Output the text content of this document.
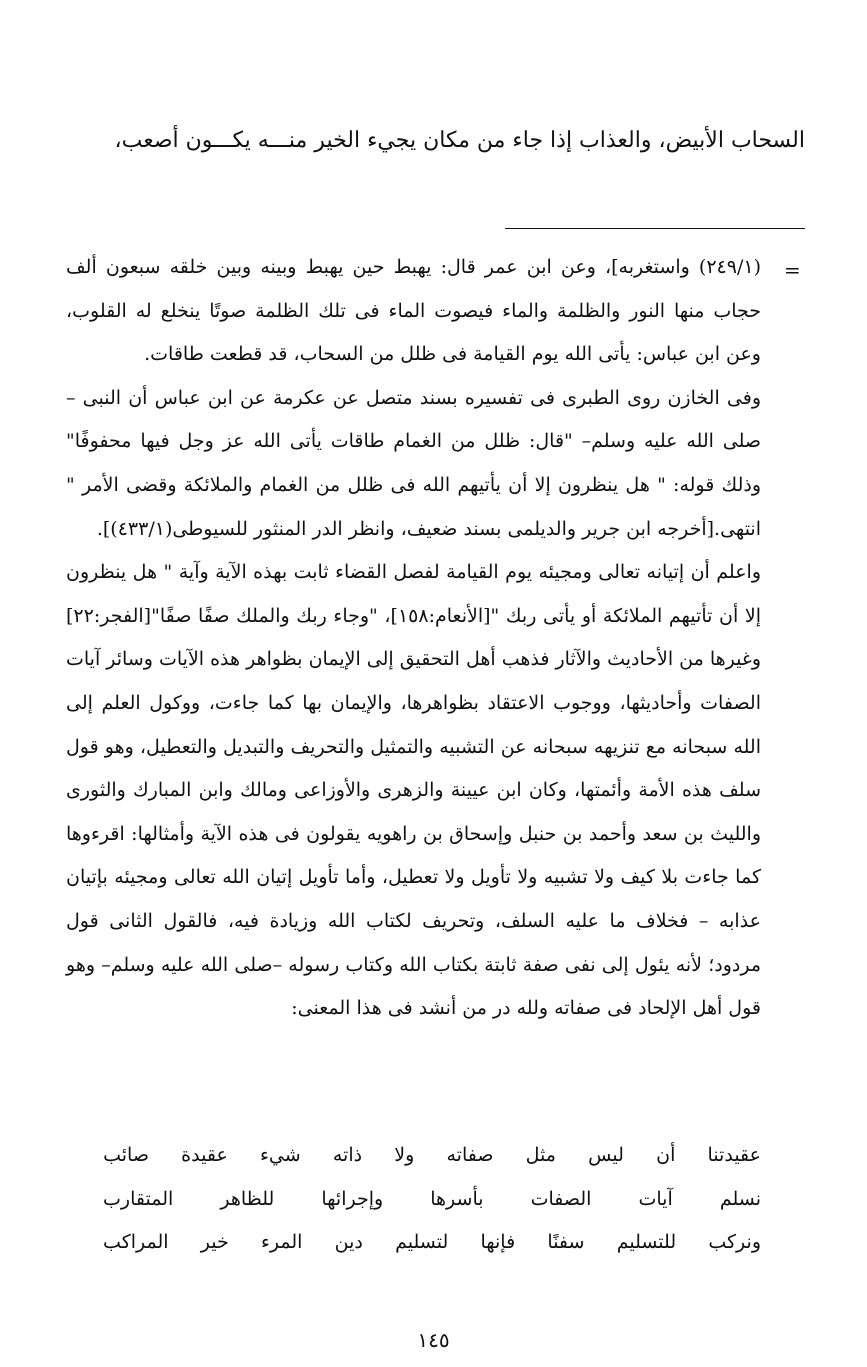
السحاب الأبيض، والعذاب إذا جاء من مكان يجيء الخير منـــه يكـــون أصعب،
=

(٢٤٩/١) واستغربه]، وعن ابن عمر قال: يهبط حين يهبط وبينه وبين خلقه سبعون ألف حجاب منها النور والظلمة والماء فيصوت الماء فى تلك الظلمة صوتًا ينخلع له القلوب، وعن ابن عباس: يأتى الله يوم القيامة فى ظلل من السحاب، قد قطعت طاقات.

وفى الخازن روى الطبرى فى تفسيره بسند متصل عن عكرمة عن ابن عباس أن النبى –صلى الله عليه وسلم– "قال: ظلل من الغمام طاقات يأتى الله عز وجل فيها محفوفًا" وذلك قوله: " هل ينظرون إلا أن يأتيهم الله فى ظلل من الغمام والملائكة وقضى الأمر " انتهى.[أخرجه ابن جرير والديلمى بسند ضعيف، وانظر الدر المنثور للسيوطى(٤٣٣/١)].

واعلم أن إتيانه تعالى ومجيئه يوم القيامة لفصل القضاء ثابت بهذه الآية وآية " هل ينظرون إلا أن تأتيهم الملائكة أو يأتى ربك "[الأنعام:١٥٨]، "وجاء ربك والملك صفًا صفًا"[الفجر:٢٢] وغيرها من الأحاديث والآثار فذهب أهل التحقيق إلى الإيمان بظواهر هذه الآيات وسائر آيات الصفات وأحاديثها، ووجوب الاعتقاد بظواهرها، والإيمان بها كما جاءت، ووكول العلم إلى الله سبحانه مع تنزيهه سبحانه عن التشبيه والتمثيل والتحريف والتبديل والتعطيل، وهو قول سلف هذه الأمة وأئمتها، وكان ابن عيينة والزهرى والأوزاعى ومالك وابن المبارك والثورى والليث بن سعد وأحمد بن حنبل وإسحاق بن راهويه يقولون فى هذه الآية وأمثالها: اقرءوها كما جاءت بلا كيف ولا تشبيه ولا تأويل ولا تعطيل، وأما تأويل إتيان الله تعالى ومجيئه بإتيان عذابه – فخلاف ما عليه السلف، وتحريف لكتاب الله وزيادة فيه، فالقول الثانى قول مردود؛ لأنه يئول إلى نفى صفة ثابتة بكتاب الله وكتاب رسوله –صلى الله عليه وسلم– وهو قول أهل الإلحاد فى صفاته ولله در من أنشد فى هذا المعنى:

عقيدتنا
أن
ليس
مثل
صفاته
ولا
ذاته
شيء
عقيدة
صائب
نسلم
آيات
الصفات
بأسرها
وإجرائها
للظاهر
المتقارب
ونركب
للتسليم
سفنًا
فإنها
لتسليم
دين
المرء
خير
المراكب
١٤٥
